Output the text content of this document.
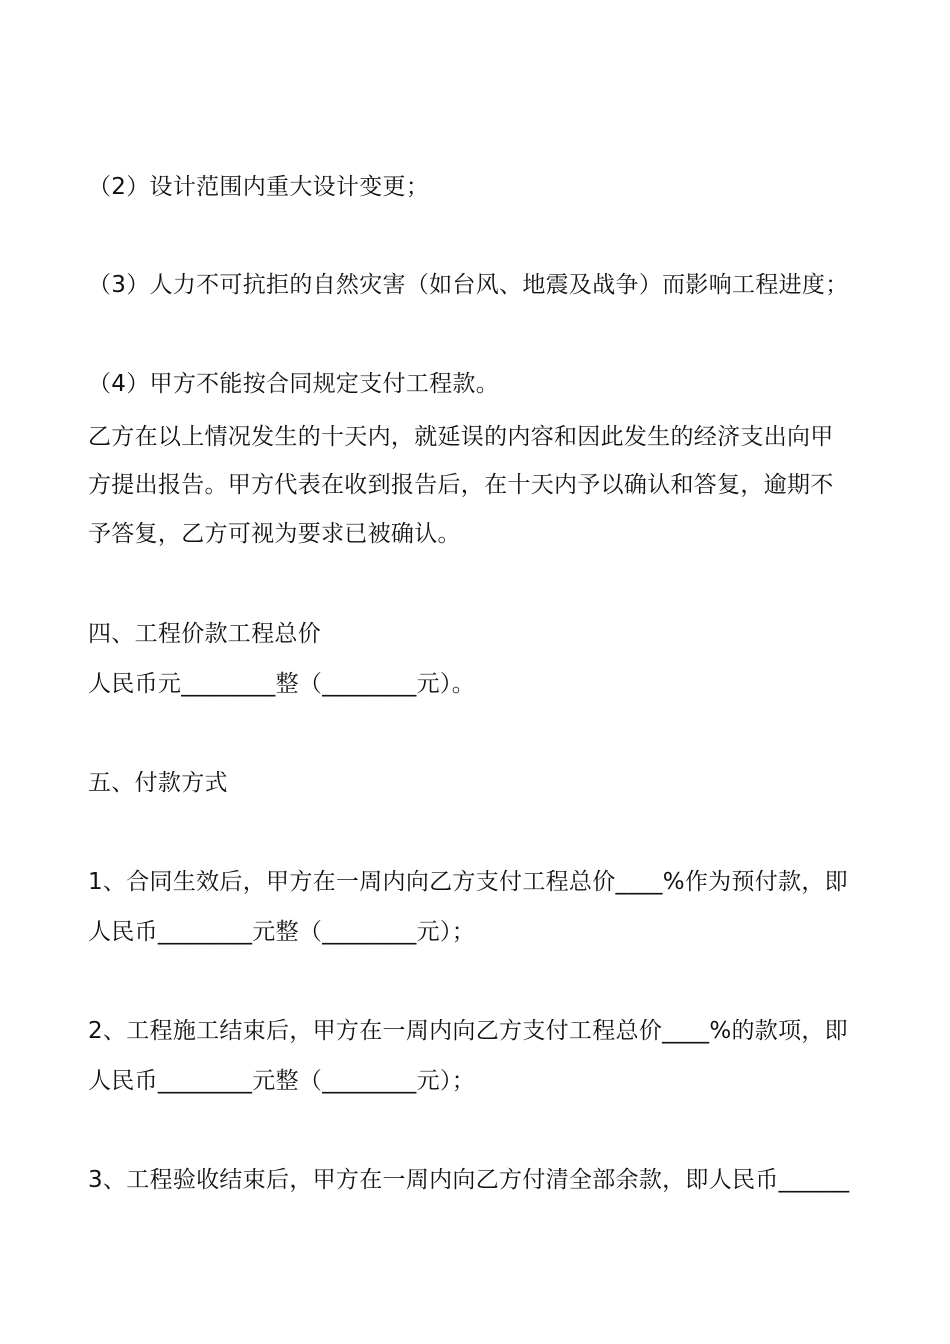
（2）设计范围内重大设计变更；
（3）人力不可抗拒的自然灾害（如台风、地震及战争）而影响工程进度；
（4）甲方不能按合同规定支付工程款。
乙方在以上情况发生的十天内，就延误的内容和因此发生的经济支出向甲
方提出报告。甲方代表在收到报告后，在十天内予以确认和答复，逾期不
予答复，乙方可视为要求已被确认。
四、工程价款工程总价
人民币元________整（________元）。
五、付款方式
1、合同生效后，甲方在一周内向乙方支付工程总价____%作为预付款，即
人民币________元整（________元）；
2、工程施工结束后，甲方在一周内向乙方支付工程总价____%的款项，即
人民币________元整（________元）；
3、工程验收结束后，甲方在一周内向乙方付清全部余款，即人民币______
